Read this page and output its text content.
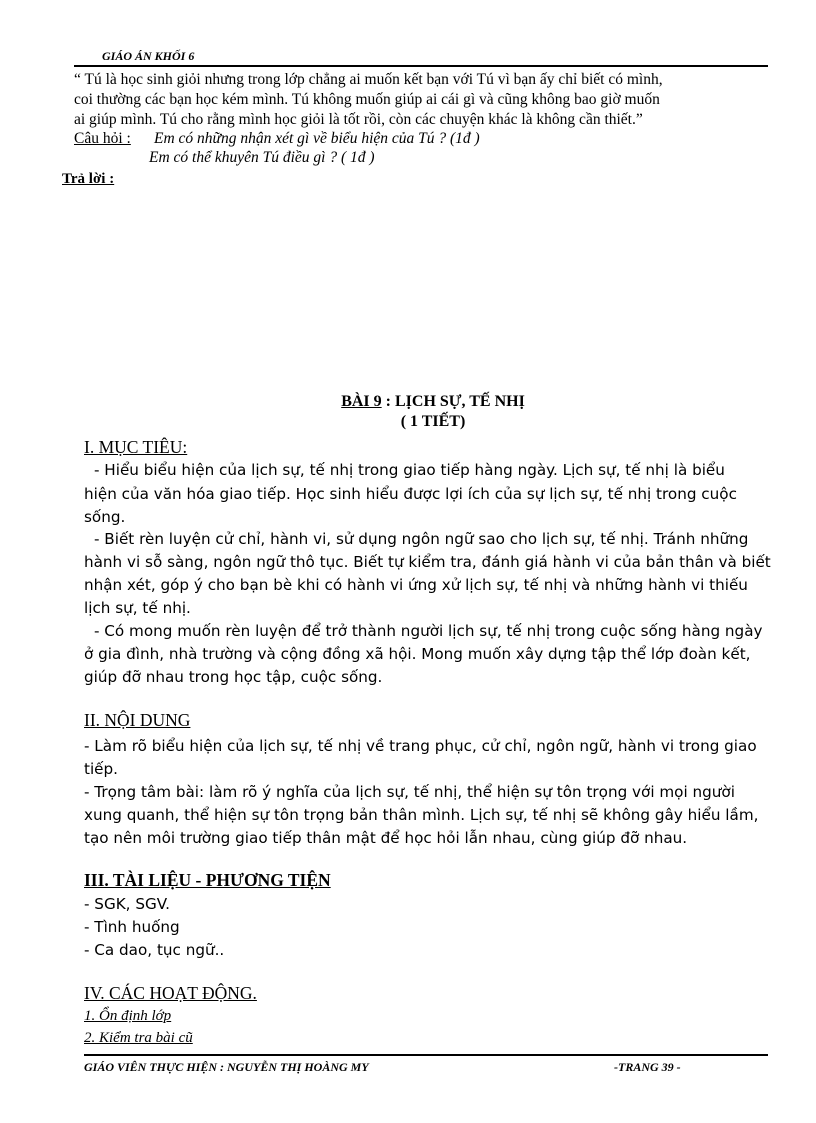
GIÁO ÁN KHỐI 6
“ Tú là học sinh giỏi nhưng trong lớp chẳng ai muốn kết bạn với Tú vì bạn ấy chỉ biết có mình,
coi thường các bạn học kém mình. Tú không muốn giúp ai cái gì và cũng không bao giờ muốn
ai giúp mình. Tú cho rằng mình học giỏi là tốt rồi, còn các chuyện khác là không cần thiết.”
Câu hỏi : Em có những nhận xét gì về biểu hiện của Tú ? (1đ )
Em có thể khuyên Tú điều gì ? ( 1đ )
Trả lời :
BÀI 9 : LỊCH SỰ, TẾ NHỊ
( 1 TIẾT)
I. MỤC TIÊU:
- Hiểu biểu hiện của lịch sự, tế nhị trong giao tiếp hàng ngày. Lịch sự, tế nhị là biểu
hiện của văn hóa giao tiếp. Học sinh hiểu được lợi ích của sự lịch sự, tế nhị trong cuộc
sống.
- Biết rèn luyện cử chỉ, hành vi, sử dụng ngôn ngữ sao cho lịch sự, tế nhị. Tránh những
hành vi sỗ sàng, ngôn ngữ thô tục. Biết tự kiểm tra, đánh giá hành vi của bản thân và biết
nhận xét, góp ý cho bạn bè khi có hành vi ứng xử lịch sự, tế nhị và những hành vi thiếu
lịch sự, tế nhị.
- Có mong muốn rèn luyện để trở thành người lịch sự, tế nhị trong cuộc sống hàng ngày
ở gia đình, nhà trường và cộng đồng xã hội. Mong muốn xây dựng tập thể lớp đoàn kết,
giúp đỡ nhau trong học tập, cuộc sống.
II. NỘI DUNG
- Làm rõ biểu hiện của lịch sự, tế nhị về trang phục, cử chỉ, ngôn ngữ, hành vi trong giao
tiếp.
- Trọng tâm bài: làm rõ ý nghĩa của lịch sự, tế nhị, thể hiện sự tôn trọng với mọi người
xung quanh, thể hiện sự tôn trọng bản thân mình. Lịch sự, tế nhị sẽ không gây hiểu lầm,
tạo nên môi trường giao tiếp thân mật để học hỏi lẫn nhau, cùng giúp đỡ nhau.
III. TÀI LIỆU - PHƯƠNG TIỆN
- SGK, SGV.
- Tình huống
- Ca dao, tục ngữ..
IV. CÁC HOẠT ĐỘNG.
1. Ổn định lớp
2. Kiểm tra bài cũ
GIÁO VIÊN THỰC HIỆN : NGUYỄN THỊ HOÀNG MY	-TRANG 39 -
